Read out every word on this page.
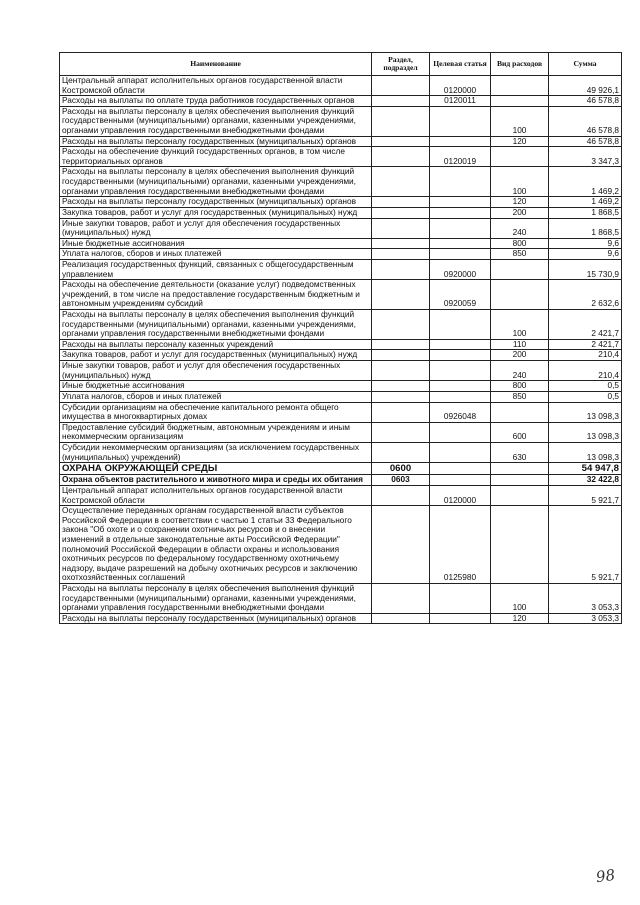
Наименование	Раздел, подраздел	Целевая статья	Вид расходов	Сумма
Центральный аппарат исполнительных органов государственной власти Костромской области		0120000		49 926,1
Расходы на выплаты по оплате труда работников государственных органов		0120011		46 578,8
Расходы на выплаты персоналу в целях обеспечения выполнения функций государственными (муниципальными) органами, казенными учреждениями, органами управления государственными внебюджетными фондами			100	46 578,8
Расходы на выплаты персоналу государственных (муниципальных) органов			120	46 578,8
Расходы на обеспечение функций государственных органов, в том числе территориальных органов		0120019		3 347,3
Расходы на выплаты персоналу в целях обеспечения выполнения функций государственными (муниципальными) органами, казенными учреждениями, органами управления государственными внебюджетными фондами			100	1 469,2
Расходы на выплаты персоналу государственных (муниципальных) органов			120	1 469,2
Закупка товаров, работ и услуг для государственных (муниципальных) нужд			200	1 868,5
Иные закупки товаров, работ и услуг для обеспечения государственных (муниципальных) нужд			240	1 868,5
Иные бюджетные ассигнования			800	9,6
Уплата налогов, сборов и иных платежей			850	9,6
Реализация государственных функций, связанных с общегосударственным управлением		0920000		15 730,9
Расходы на обеспечение деятельности (оказание услуг) подведомственных учреждений, в том числе на предоставление государственным бюджетным и автономным учреждениям субсидий		0920059		2 632,6
Расходы на выплаты персоналу в целях обеспечения выполнения функций государственными (муниципальными) органами, казенными учреждениями, органами управления государственными внебюджетными фондами			100	2 421,7
Расходы на выплаты персоналу казенных учреждений			110	2 421,7
Закупка товаров, работ и услуг для государственных (муниципальных) нужд			200	210,4
Иные закупки товаров, работ и услуг для обеспечения государственных (муниципальных) нужд			240	210,4
Иные бюджетные ассигнования			800	0,5
Уплата налогов, сборов и иных платежей			850	0,5
Субсидии организациям на обеспечение капитального ремонта общего имущества в многоквартирных домах		0926048		13 098,3
Предоставление субсидий бюджетным, автономным учреждениям и иным некоммерческим организациям			600	13 098,3
Субсидии некоммерческим организациям (за исключением государственных (муниципальных) учреждений)			630	13 098,3
ОХРАНА ОКРУЖАЮЩЕЙ СРЕДЫ	0600			54 947,8
Охрана объектов растительного и животного мира и среды их обитания	0603			32 422,8
Центральный аппарат исполнительных органов государственной власти Костромской области		0120000		5 921,7
Осуществление переданных органам государственной власти субъектов Российской Федерации в соответствии с частью 1 статьи 33 Федерального закона "Об охоте и о сохранении охотничьих ресурсов и о внесении изменений в отдельные законодательные акты Российской Федерации" полномочий Российской Федерации в области охраны и использования охотничьих ресурсов по федеральному государственному охотничьему надзору, выдаче разрешений на добычу охотничьих ресурсов и заключению охотхозяйственных соглашений		0125980		5 921,7
Расходы на выплаты персоналу в целях обеспечения выполнения функций государственными (муниципальными) органами, казенными учреждениями, органами управления государственными внебюджетными фондами			100	3 053,3
Расходы на выплаты персоналу государственных (муниципальных) органов			120	3 053,3
98
